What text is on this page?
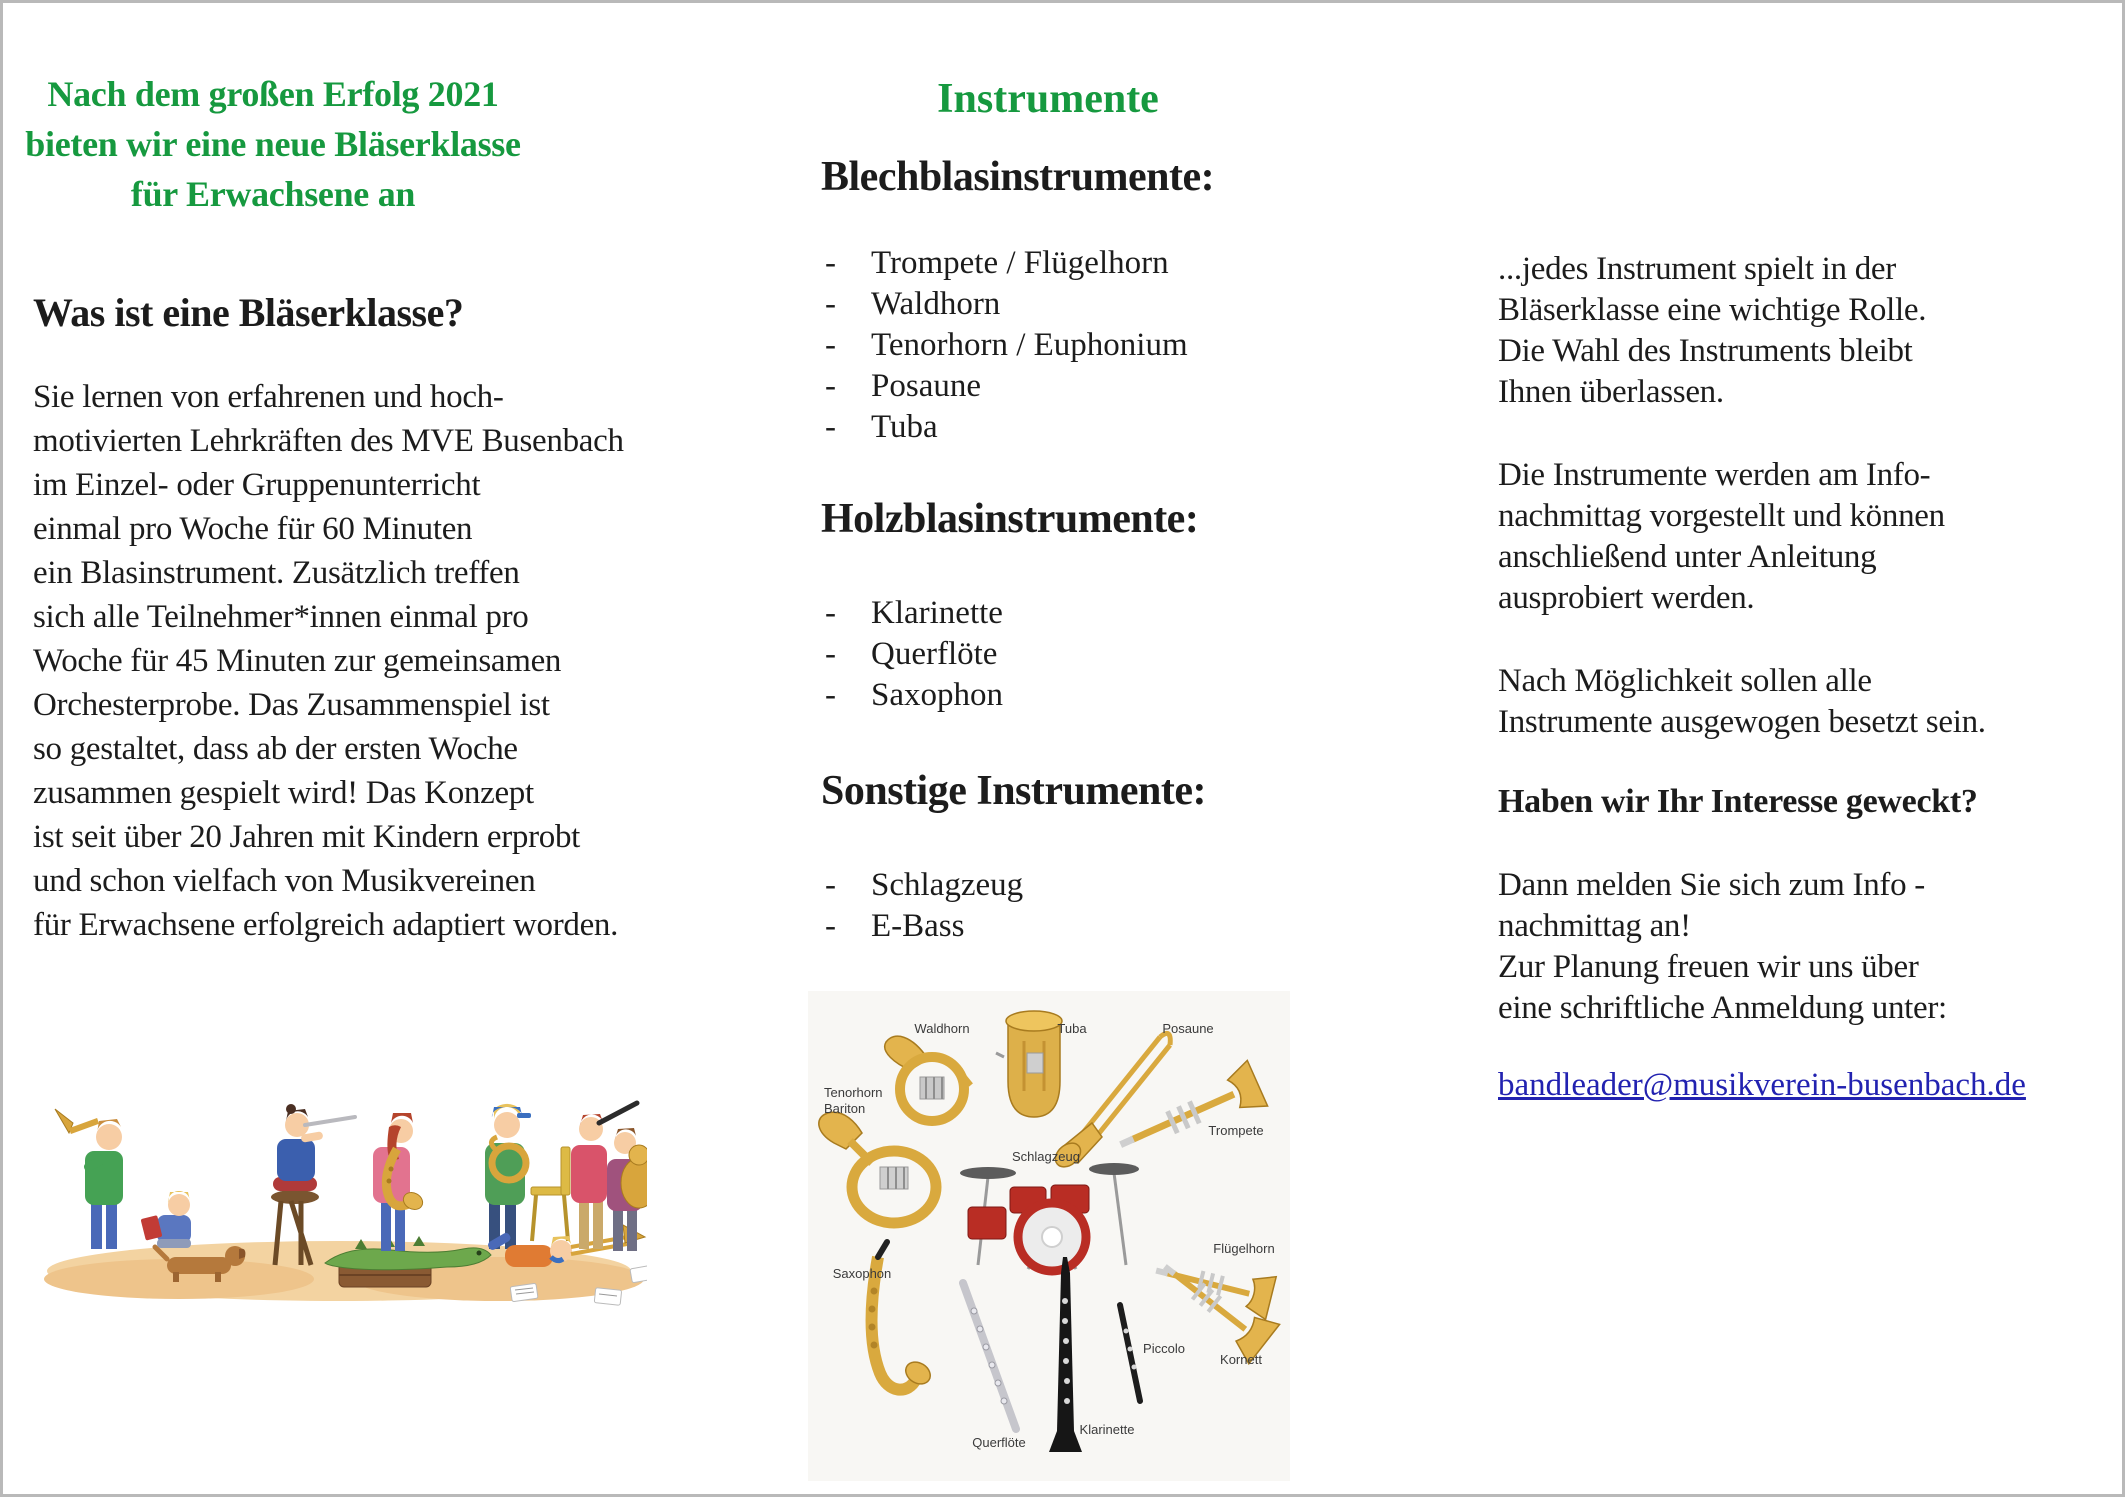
Nach dem großen Erfolg 2021
bieten wir eine neue Bläserklasse
für Erwachsene an
Was ist eine Bläserklasse?
Sie lernen von erfahrenen und hoch-
motivierten Lehrkräften des MVE Busenbach
im Einzel- oder Gruppenunterricht
einmal pro Woche für 60 Minuten
ein Blasinstrument. Zusätzlich treffen
sich alle Teilnehmer*innen einmal pro
Woche für 45 Minuten zur gemeinsamen
Orchesterprobe. Das Zusammenspiel ist
so gestaltet, dass ab der ersten Woche
zusammen gespielt wird! Das Konzept
ist seit über 20 Jahren mit Kindern erprobt
und schon vielfach von Musikvereinen
für Erwachsene erfolgreich adaptiert worden.
Instrumente
Blechblasinstrumente:
-	Trompete / Flügelhorn
-	Waldhorn
-	Tenorhorn / Euphonium
-	Posaune
-	Tuba
Holzblasinstrumente:
-	Klarinette
-	Querflöte
-	Saxophon
Sonstige Instrumente:
-	Schlagzeug
-	E-Bass
Waldhorn	Tuba	Posaune
Tenorhorn
Bariton
Trompete
Schlagzeug
Flügelhorn
Saxophon
Querflöte
Klarinette
Piccolo
Kornett
...jedes Instrument spielt in der
Bläserklasse eine wichtige Rolle.
Die Wahl des Instruments bleibt
Ihnen überlassen.
Die Instrumente werden am Info-
nachmittag vorgestellt und können
anschließend unter Anleitung
ausprobiert werden.
Nach Möglichkeit sollen alle
Instrumente ausgewogen besetzt sein.
Haben wir Ihr Interesse geweckt?
Dann melden Sie sich zum Info -
nachmittag an!
Zur Planung freuen wir uns über
eine schriftliche Anmeldung unter:
bandleader@musikverein-busenbach.de
